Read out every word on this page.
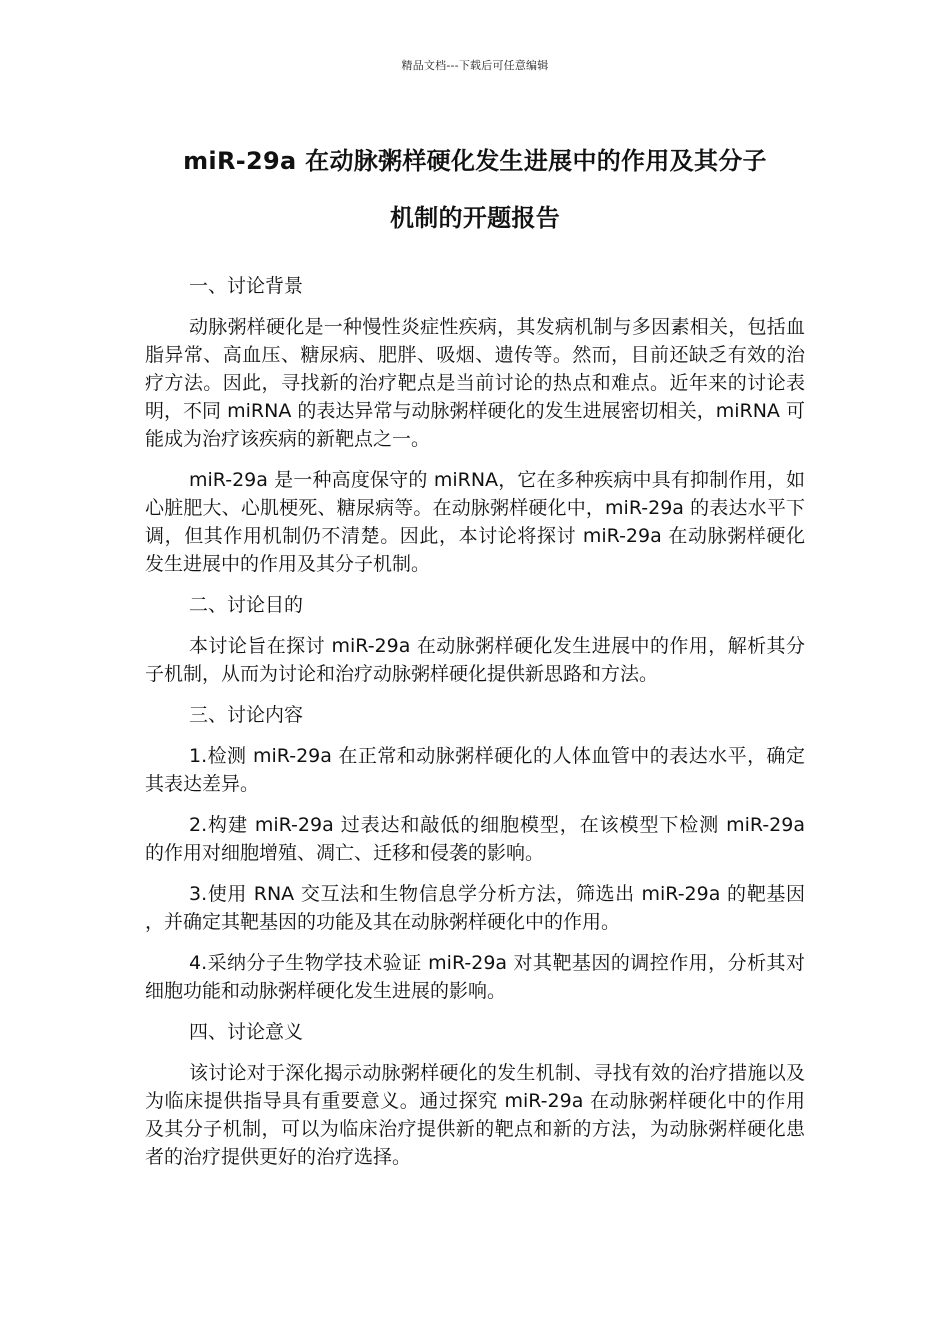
精品文档---下载后可任意编辑
miR-29a 在动脉粥样硬化发生进展中的作用及其分子
机制的开题报告

一、讨论背景

动脉粥样硬化是一种慢性炎症性疾病，其发病机制与多因素相关，包括血脂异常、高血压、糖尿病、肥胖、吸烟、遗传等。然而，目前还缺乏有效的治疗方法。因此，寻找新的治疗靶点是当前讨论的热点和难点。近年来的讨论表明，不同 miRNA 的表达异常与动脉粥样硬化的发生进展密切相关，miRNA 可能成为治疗该疾病的新靶点之一。

miR-29a 是一种高度保守的 miRNA，它在多种疾病中具有抑制作用，如心脏肥大、心肌梗死、糖尿病等。在动脉粥样硬化中，miR-29a 的表达水平下调，但其作用机制仍不清楚。因此，本讨论将探讨 miR-29a 在动脉粥样硬化发生进展中的作用及其分子机制。

二、讨论目的

本讨论旨在探讨 miR-29a 在动脉粥样硬化发生进展中的作用，解析其分子机制，从而为讨论和治疗动脉粥样硬化提供新思路和方法。

三、讨论内容

1.检测 miR-29a 在正常和动脉粥样硬化的人体血管中的表达水平，确定其表达差异。

2.构建 miR-29a 过表达和敲低的细胞模型，在该模型下检测 miR-29a 的作用对细胞增殖、凋亡、迁移和侵袭的影响。

3.使用 RNA 交互法和生物信息学分析方法，筛选出 miR-29a 的靶基因，并确定其靶基因的功能及其在动脉粥样硬化中的作用。

4.采纳分子生物学技术验证 miR-29a 对其靶基因的调控作用，分析其对细胞功能和动脉粥样硬化发生进展的影响。

四、讨论意义

该讨论对于深化揭示动脉粥样硬化的发生机制、寻找有效的治疗措施以及为临床提供指导具有重要意义。通过探究 miR-29a 在动脉粥样硬化中的作用及其分子机制，可以为临床治疗提供新的靶点和新的方法，为动脉粥样硬化患者的治疗提供更好的治疗选择。
